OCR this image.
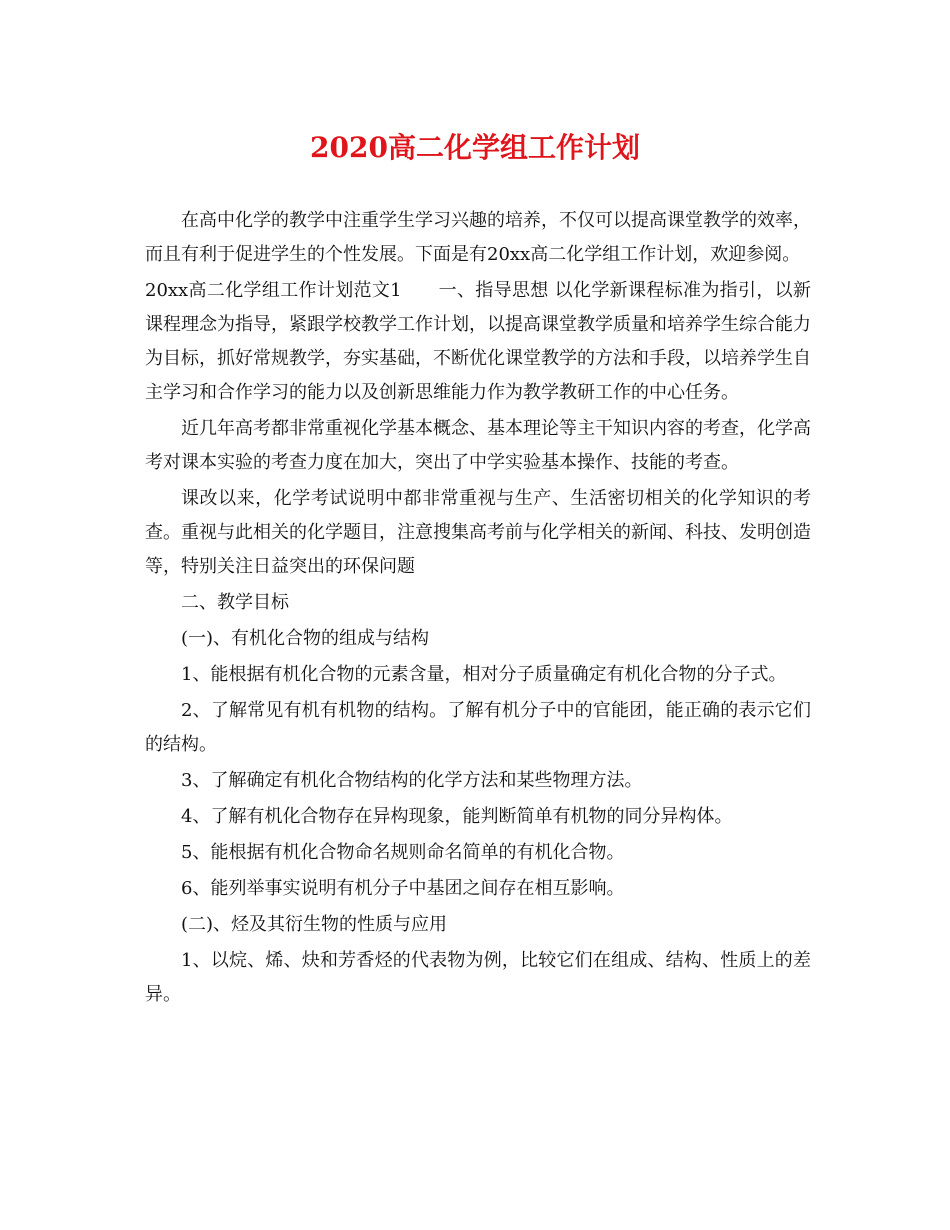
2020高二化学组工作计划

在高中化学的教学中注重学生学习兴趣的培养，不仅可以提高课堂教学的效率，而且有利于促进学生的个性发展。下面是有20xx高二化学组工作计划，欢迎参阅。

20xx高二化学组工作计划范文1　　一、指导思想 以化学新课程标准为指引，以新课程理念为指导，紧跟学校教学工作计划，以提高课堂教学质量和培养学生综合能力为目标，抓好常规教学，夯实基础，不断优化课堂教学的方法和手段，以培养学生自主学习和合作学习的能力以及创新思维能力作为教学教研工作的中心任务。

近几年高考都非常重视化学基本概念、基本理论等主干知识内容的考查，化学高考对课本实验的考查力度在加大，突出了中学实验基本操作、技能的考查。

课改以来，化学考试说明中都非常重视与生产、生活密切相关的化学知识的考查。重视与此相关的化学题目，注意搜集高考前与化学相关的新闻、科技、发明创造等，特别关注日益突出的环保问题

二、教学目标

(一)、有机化合物的组成与结构

1、能根据有机化合物的元素含量，相对分子质量确定有机化合物的分子式。

2、了解常见有机有机物的结构。了解有机分子中的官能团，能正确的表示它们的结构。

3、了解确定有机化合物结构的化学方法和某些物理方法。

4、了解有机化合物存在异构现象，能判断简单有机物的同分异构体。

5、能根据有机化合物命名规则命名简单的有机化合物。

6、能列举事实说明有机分子中基团之间存在相互影响。

(二)、烃及其衍生物的性质与应用

1、以烷、烯、炔和芳香烃的代表物为例，比较它们在组成、结构、性质上的差异。
